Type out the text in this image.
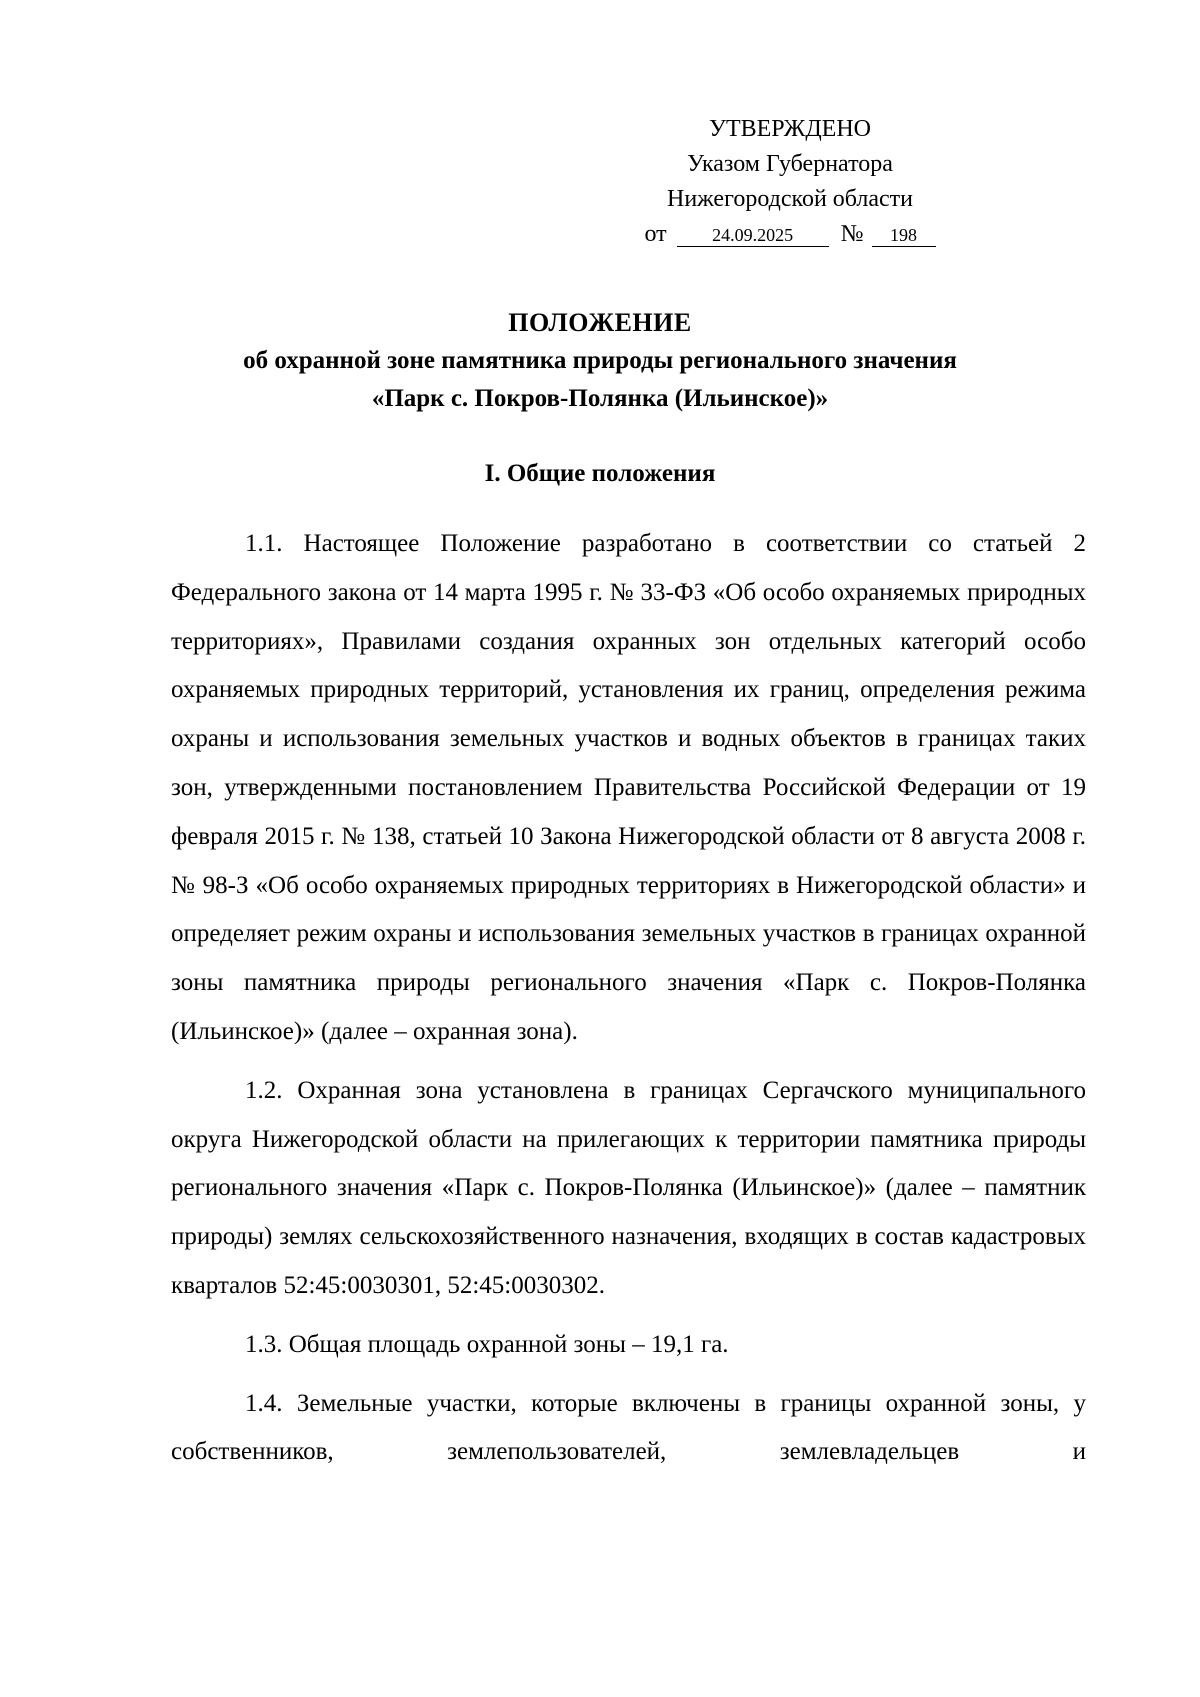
УТВЕРЖДЕНО
Указом Губернатора
Нижегородской области
от	24.09.2025 № 198
ПОЛОЖЕНИЕ
об охранной зоне памятника природы регионального значения
«Парк с. Покров-Полянка (Ильинское)»
I. Общие положения

1.1. Настоящее Положение разработано в соответствии со статьей 2 Федерального закона от 14 марта 1995 г. № 33-ФЗ «Об особо охраняемых природных территориях», Правилами создания охранных зон отдельных категорий особо охраняемых природных территорий, установления их границ, определения режима охраны и использования земельных участков и водных объектов в границах таких зон, утвержденными постановлением Правительства Российской Федерации от 19 февраля 2015 г. № 138, статьей 10 Закона Нижегородской области от 8 августа 2008 г. № 98-З «Об особо охраняемых природных территориях в Нижегородской области» и определяет режим охраны и использования земельных участков в границах охранной зоны памятника природы регионального значения «Парк с. Покров-Полянка (Ильинское)» (далее – охранная зона).

1.2. Охранная зона установлена в границах Сергачского муниципального округа Нижегородской области на прилегающих к территории памятника природы регионального значения «Парк с. Покров-Полянка (Ильинское)» (далее – памятник природы) землях сельскохозяйственного назначения, входящих в состав кадастровых кварталов 52:45:0030301, 52:45:0030302.

1.3. Общая площадь охранной зоны – 19,1 га.

1.4. Земельные участки, которые включены в границы охранной зоны, у собственников, землепользователей, землевладельцев и
